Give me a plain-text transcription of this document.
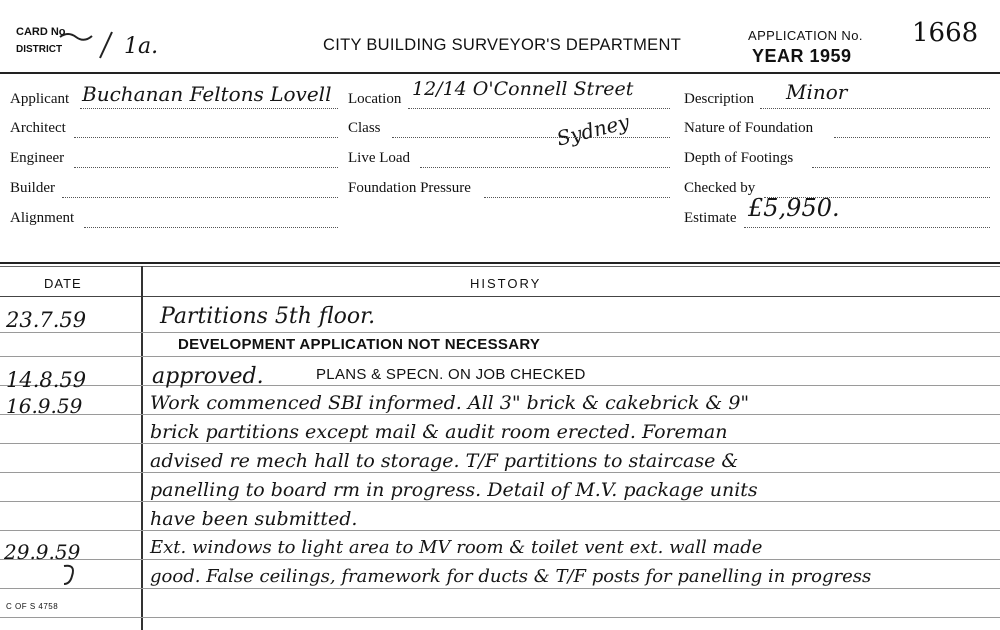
CARD No.
DISTRICT	1a.	CITY BUILDING SURVEYOR'S DEPARTMENT
APPLICATION No. 1668
YEAR 1959
Applicant Buchanan Feltons Lovell
Architect
Engineer
Builder
Alignment
Location 12/14 O'Connell Street
Sydney
Class
Live Load
Foundation Pressure
Description Minor
Nature of Foundation
Depth of Footings
Checked by
Estimate £5,950.
DATE	HISTORY
23.7.59	Partitions 5th floor.
DEVELOPMENT APPLICATION NOT NECESSARY
14.8.59	approved.	PLANS & SPECN. ON JOB CHECKED
16.9.59	Work commenced SBI informed. All 3" brick & cakebrick & 9"
brick partitions except mail & audit room erected. Foreman
advised re mech hall to storage. T/F partitions to staircase &
panelling to board rm in progress. Detail of M.V. package units
have been submitted.
29.9.59	Ext. windows to light area to MV room & toilet vent ext. wall made
good. False ceilings, framework for ducts & T/F posts for panelling in progress
C OF S 4758
